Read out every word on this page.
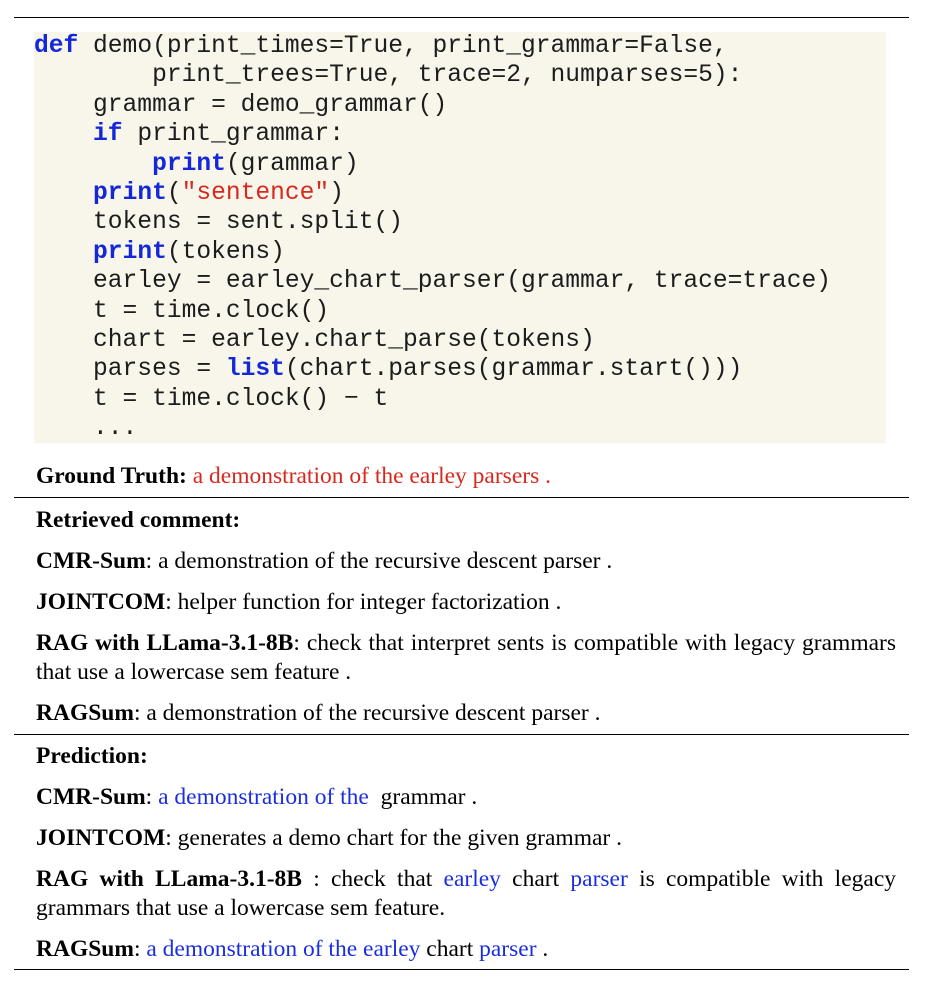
def demo(print_times=True, print_grammar=False,
print_trees=True, trace=2, numparses=5):
grammar = demo_grammar()
if print_grammar:
print(grammar)
print("sentence")
tokens = sent.split()
print(tokens)
earley = earley_chart_parser(grammar, trace=trace)
t = time.clock()
chart = earley.chart_parse(tokens)
parses = list(chart.parses(grammar.start()))
t = time.clock() − t
...
Ground Truth: a demonstration of the earley parsers .
Retrieved comment:
CMR-Sum: a demonstration of the recursive descent parser .
JOINTCOM: helper function for integer factorization .
RAG with LLama-3.1-8B: check that interpret sents is compatible with legacy grammars that use a lowercase sem feature .
RAGSum: a demonstration of the recursive descent parser .
Prediction:
CMR-Sum: a demonstration of the  grammar .
JOINTCOM: generates a demo chart for the given grammar .
RAG with LLama-3.1-8B : check that earley chart parser is compatible with legacy grammars that use a lowercase sem feature.
RAGSum: a demonstration of the earley chart parser .
